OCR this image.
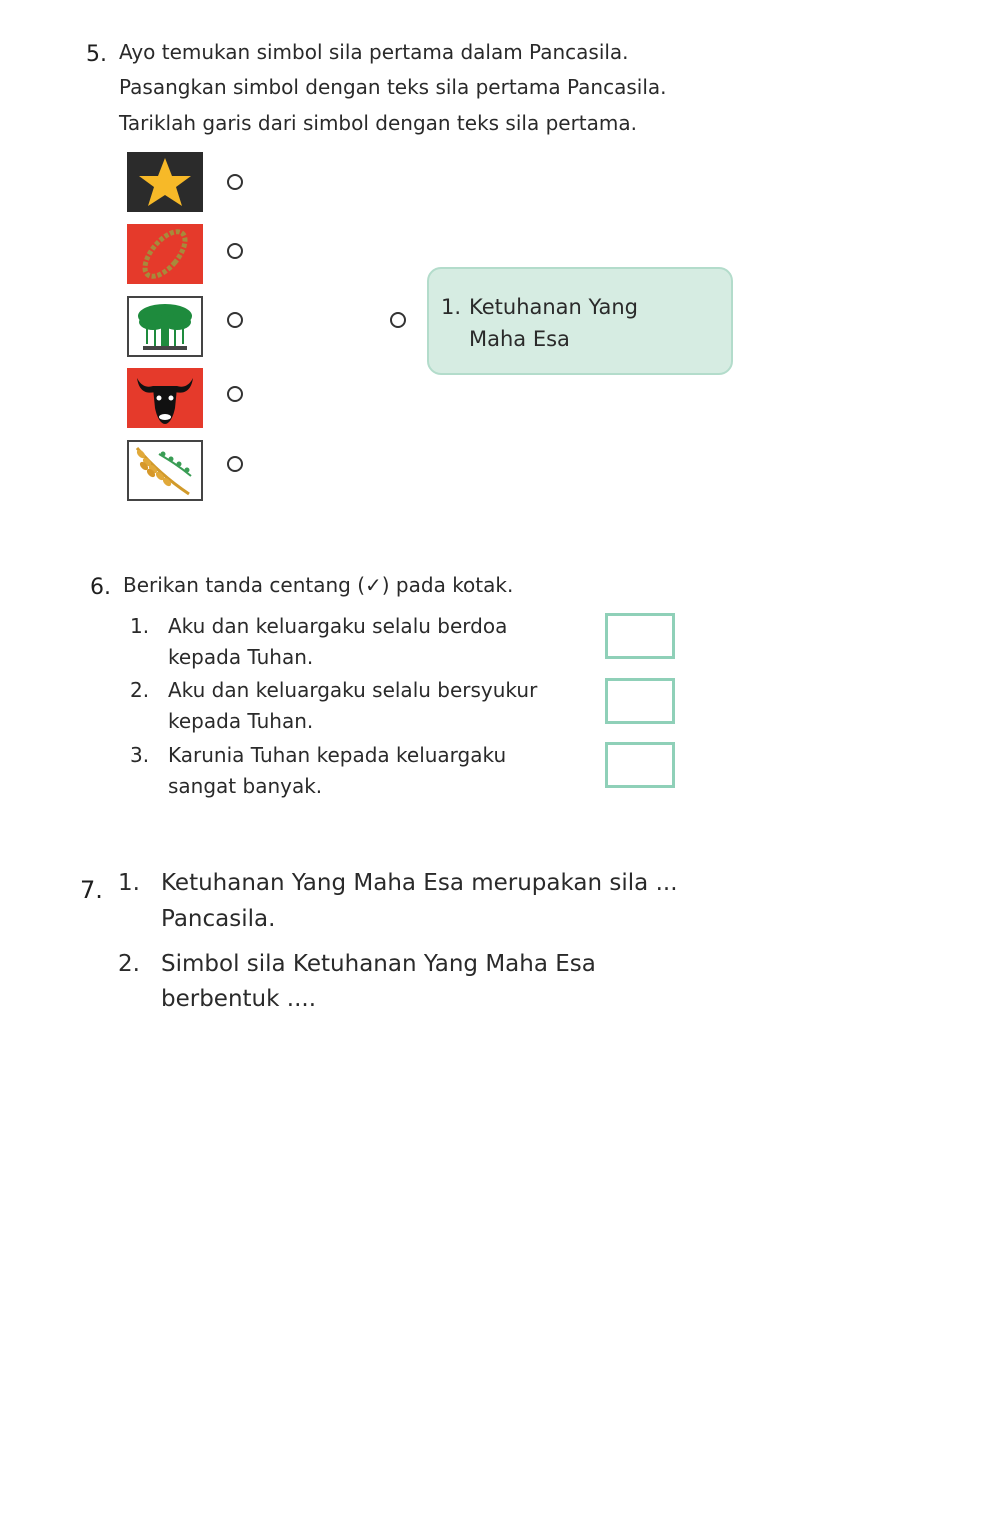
5. Ayo temukan simbol sila pertama dalam Pancasila.
Pasangkan simbol dengan teks sila pertama Pancasila.
Tariklah garis dari simbol dengan teks sila pertama.
1. Ketuhanan Yang
Maha Esa
6. Berikan tanda centang (✓) pada kotak.
1. Aku dan keluargaku selalu berdoa
kepada Tuhan.
2. Aku dan keluargaku selalu bersyukur
kepada Tuhan.
3. Karunia Tuhan kepada keluargaku
sangat banyak.
7. 1. Ketuhanan Yang Maha Esa merupakan sila ...
Pancasila.
2. Simbol sila Ketuhanan Yang Maha Esa
berbentuk ....
